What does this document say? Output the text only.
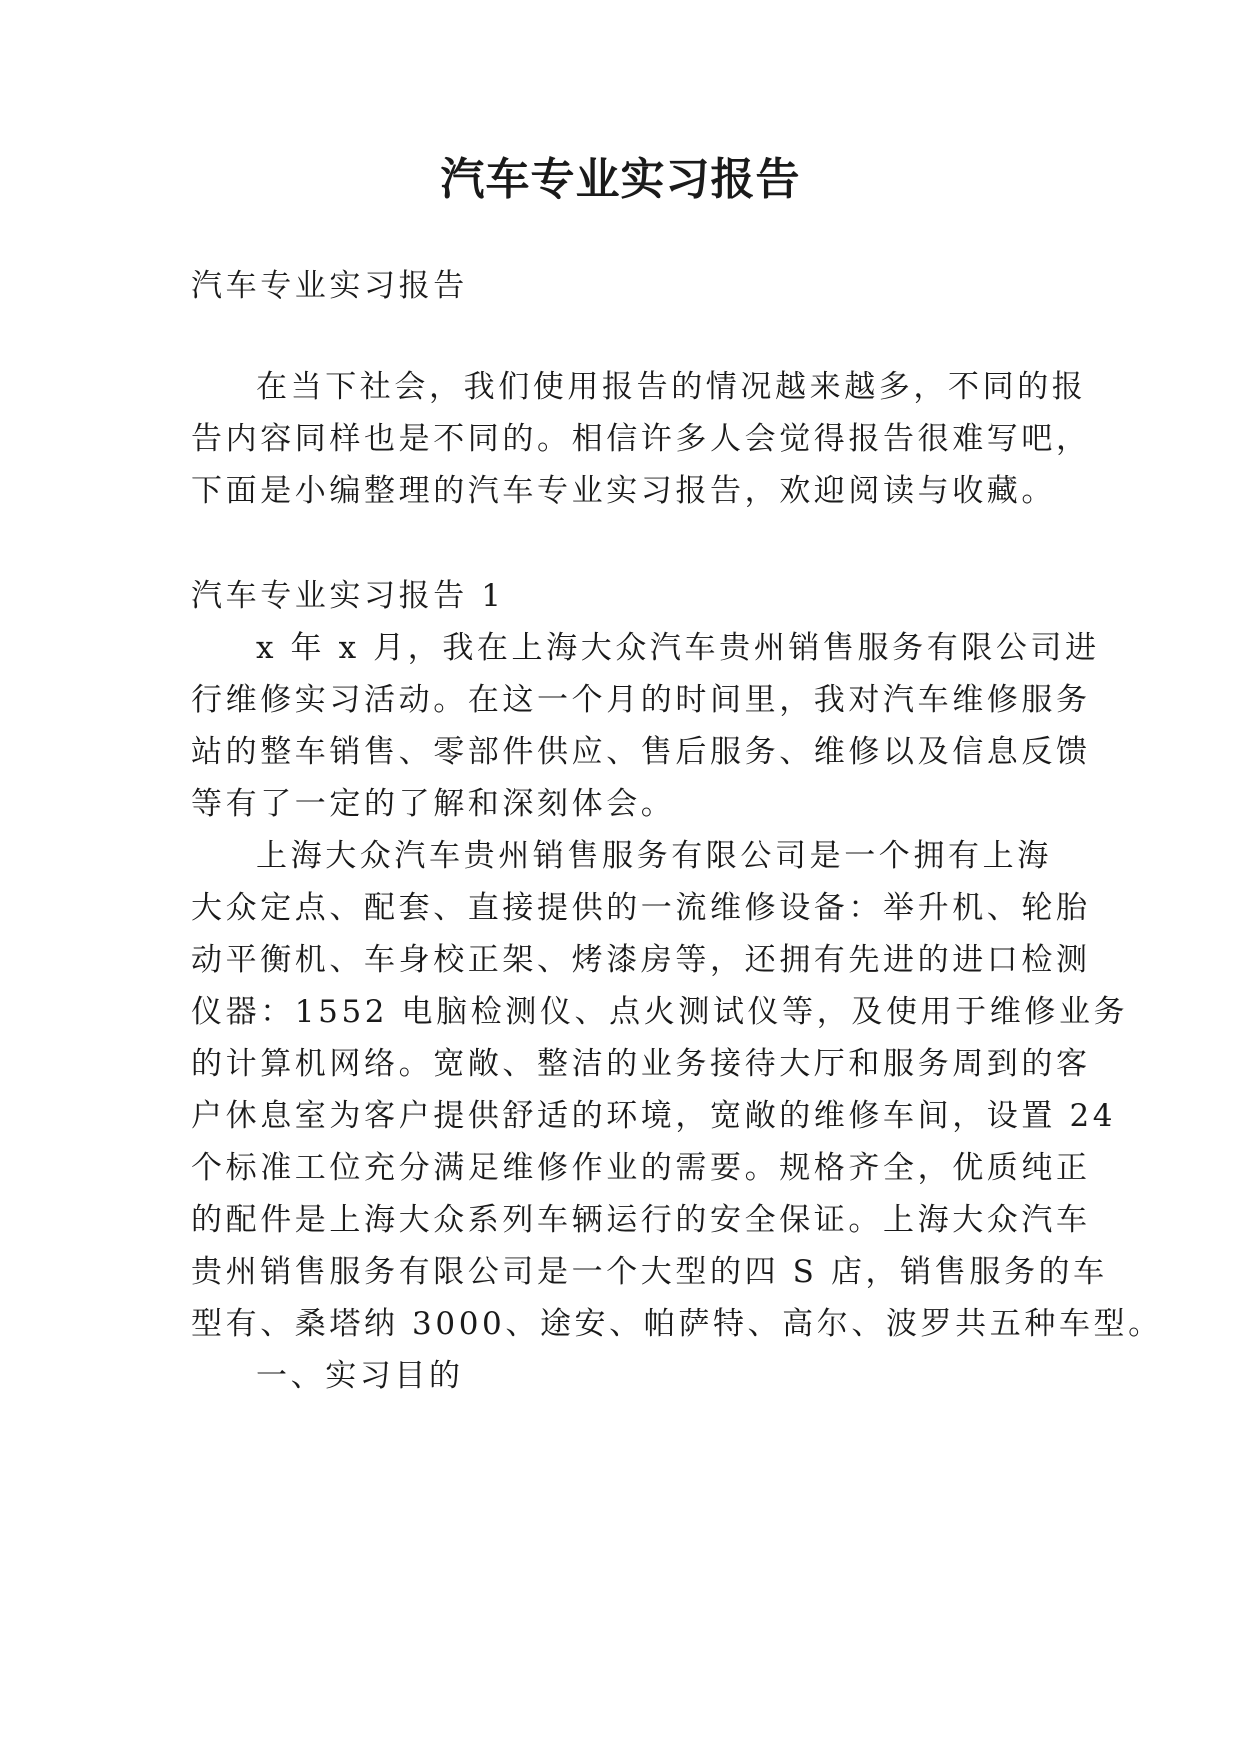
汽车专业实习报告
汽车专业实习报告
在当下社会，我们使用报告的情况越来越多，不同的报
告内容同样也是不同的。相信许多人会觉得报告很难写吧，
下面是小编整理的汽车专业实习报告，欢迎阅读与收藏。
汽车专业实习报告 1
x 年 x 月，我在上海大众汽车贵州销售服务有限公司进
行维修实习活动。在这一个月的时间里，我对汽车维修服务
站的整车销售、零部件供应、售后服务、维修以及信息反馈
等有了一定的了解和深刻体会。
上海大众汽车贵州销售服务有限公司是一个拥有上海
大众定点、配套、直接提供的一流维修设备：举升机、轮胎
动平衡机、车身校正架、烤漆房等，还拥有先进的进口检测
仪器：1552 电脑检测仪、点火测试仪等，及使用于维修业务
的计算机网络。宽敞、整洁的业务接待大厅和服务周到的客
户休息室为客户提供舒适的环境，宽敞的维修车间，设置 24
个标准工位充分满足维修作业的需要。规格齐全，优质纯正
的配件是上海大众系列车辆运行的安全保证。上海大众汽车
贵州销售服务有限公司是一个大型的四 S 店，销售服务的车
型有、桑塔纳 3000、途安、帕萨特、高尔、波罗共五种车型。
一、实习目的
